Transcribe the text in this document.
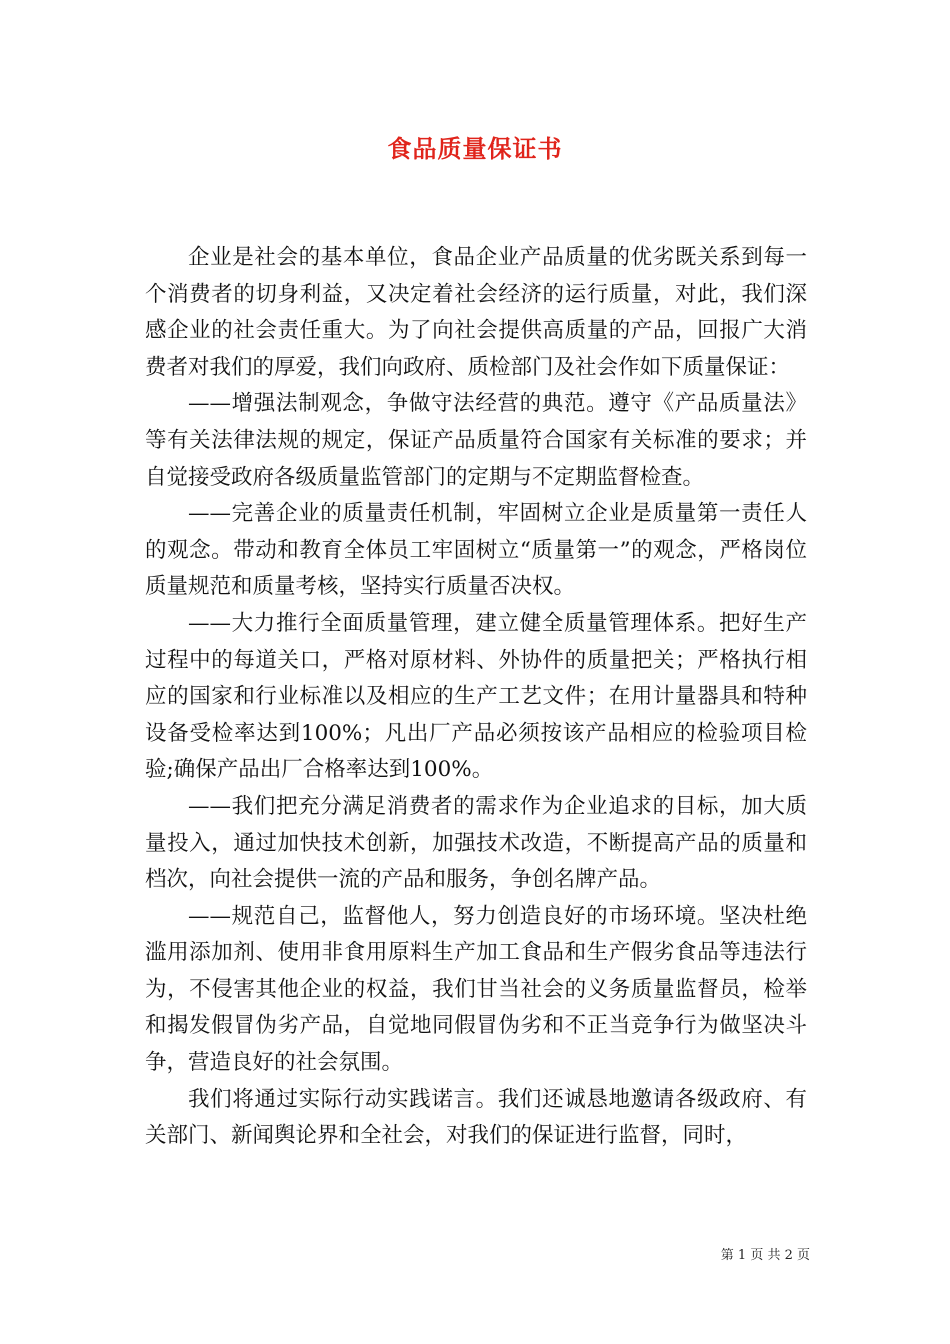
食品质量保证书

企业是社会的基本单位，食品企业产品质量的优劣既关系到每一个消费者的切身利益，又决定着社会经济的运行质量，对此，我们深感企业的社会责任重大。为了向社会提供高质量的产品，回报广大消费者对我们的厚爱，我们向政府、质检部门及社会作如下质量保证：

——增强法制观念，争做守法经营的典范。遵守《产品质量法》等有关法律法规的规定，保证产品质量符合国家有关标准的要求；并自觉接受政府各级质量监管部门的定期与不定期监督检查。

——完善企业的质量责任机制，牢固树立企业是质量第一责任人的观念。带动和教育全体员工牢固树立“质量第一”的观念，严格岗位质量规范和质量考核，坚持实行质量否决权。

——大力推行全面质量管理，建立健全质量管理体系。把好生产过程中的每道关口，严格对原材料、外协件的质量把关；严格执行相应的国家和行业标准以及相应的生产工艺文件；在用计量器具和特种设备受检率达到100%；凡出厂产品必须按该产品相应的检验项目检验;确保产品出厂合格率达到100%。

——我们把充分满足消费者的需求作为企业追求的目标，加大质量投入，通过加快技术创新，加强技术改造，不断提高产品的质量和档次，向社会提供一流的产品和服务，争创名牌产品。

——规范自己，监督他人，努力创造良好的市场环境。坚决杜绝滥用添加剂、使用非食用原料生产加工食品和生产假劣食品等违法行为，不侵害其他企业的权益，我们甘当社会的义务质量监督员，检举和揭发假冒伪劣产品，自觉地同假冒伪劣和不正当竞争行为做坚决斗争，营造良好的社会氛围。

我们将通过实际行动实践诺言。我们还诚恳地邀请各级政府、有关部门、新闻舆论界和全社会，对我们的保证进行监督，同时，

第 1 页 共 2 页
